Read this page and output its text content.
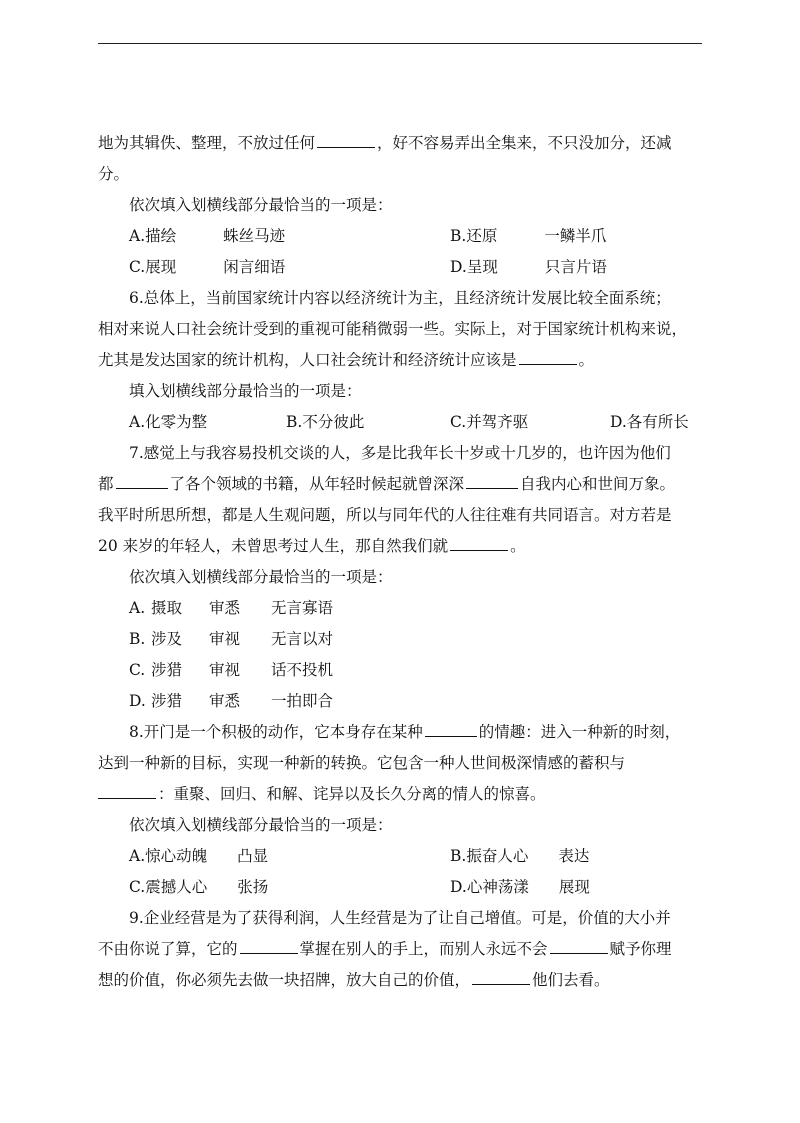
地为其辑佚、整理，不放过任何	，好不容易弄出全集来，不只没加分，还减
分。
依次填入划横线部分最恰当的一项是：
A.描绘	蛛丝马迹	B.还原	一鳞半爪
C.展现	闲言细语	D.呈现	只言片语
6.总体上，当前国家统计内容以经济统计为主，且经济统计发展比较全面系统；
相对来说人口社会统计受到的重视可能稍微弱一些。实际上，对于国家统计机构来说，
尤其是发达国家的统计机构，人口社会统计和经济统计应该是	。
填入划横线部分最恰当的一项是：
A.化零为整	B.不分彼此	C.并驾齐驱	D.各有所长
7.感觉上与我容易投机交谈的人，多是比我年长十岁或十几岁的，也许因为他们
都	了各个领域的书籍，从年轻时候起就曾深深	自我内心和世间万象。
我平时所思所想，都是人生观问题，所以与同年代的人往往难有共同语言。对方若是
20 来岁的年轻人，未曾思考过人生，那自然我们就	。
依次填入划横线部分最恰当的一项是：
A. 摄取 审悉 无言寡语
B. 涉及 审视 无言以对
C. 涉猎 审视 话不投机
D. 涉猎 审悉 一拍即合
8.开门是一个积极的动作，它本身存在某种	的情趣：进入一种新的时刻，
达到一种新的目标，实现一种新的转换。它包含一种人世间极深情感的蓄积与
：重聚、回归、和解、诧异以及长久分离的情人的惊喜。
依次填入划横线部分最恰当的一项是：
A.惊心动魄 凸显	B.振奋人心 表达
C.震撼人心 张扬	D.心神荡漾 展现
9.企业经营是为了获得利润，人生经营是为了让自己增值。可是，价值的大小并
不由你说了算，它的	掌握在别人的手上，而别人永远不会	赋予你理
想的价值，你必须先去做一块招牌，放大自己的价值，	他们去看。
